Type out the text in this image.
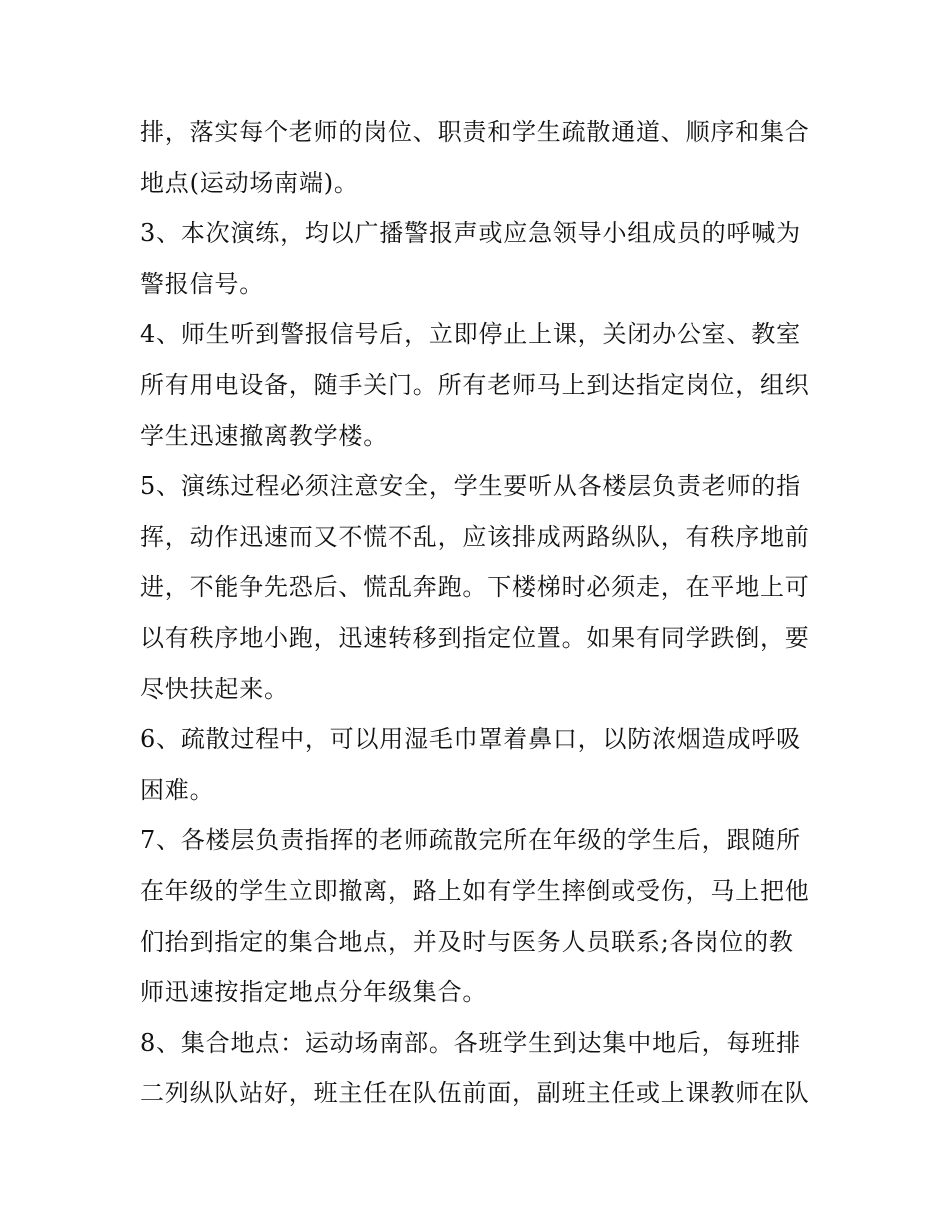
排，落实每个老师的岗位、职责和学生疏散通道、顺序和集合
地点(运动场南端)。
3、本次演练，均以广播警报声或应急领导小组成员的呼喊为
警报信号。
4、师生听到警报信号后，立即停止上课，关闭办公室、教室
所有用电设备，随手关门。所有老师马上到达指定岗位，组织
学生迅速撤离教学楼。
5、演练过程必须注意安全，学生要听从各楼层负责老师的指
挥，动作迅速而又不慌不乱，应该排成两路纵队，有秩序地前
进，不能争先恐后、慌乱奔跑。下楼梯时必须走，在平地上可
以有秩序地小跑，迅速转移到指定位置。如果有同学跌倒，要
尽快扶起来。
6、疏散过程中，可以用湿毛巾罩着鼻口，以防浓烟造成呼吸
困难。
7、各楼层负责指挥的老师疏散完所在年级的学生后，跟随所
在年级的学生立即撤离，路上如有学生摔倒或受伤，马上把他
们抬到指定的集合地点，并及时与医务人员联系;各岗位的教
师迅速按指定地点分年级集合。
8、集合地点：运动场南部。各班学生到达集中地后，每班排
二列纵队站好，班主任在队伍前面，副班主任或上课教师在队
